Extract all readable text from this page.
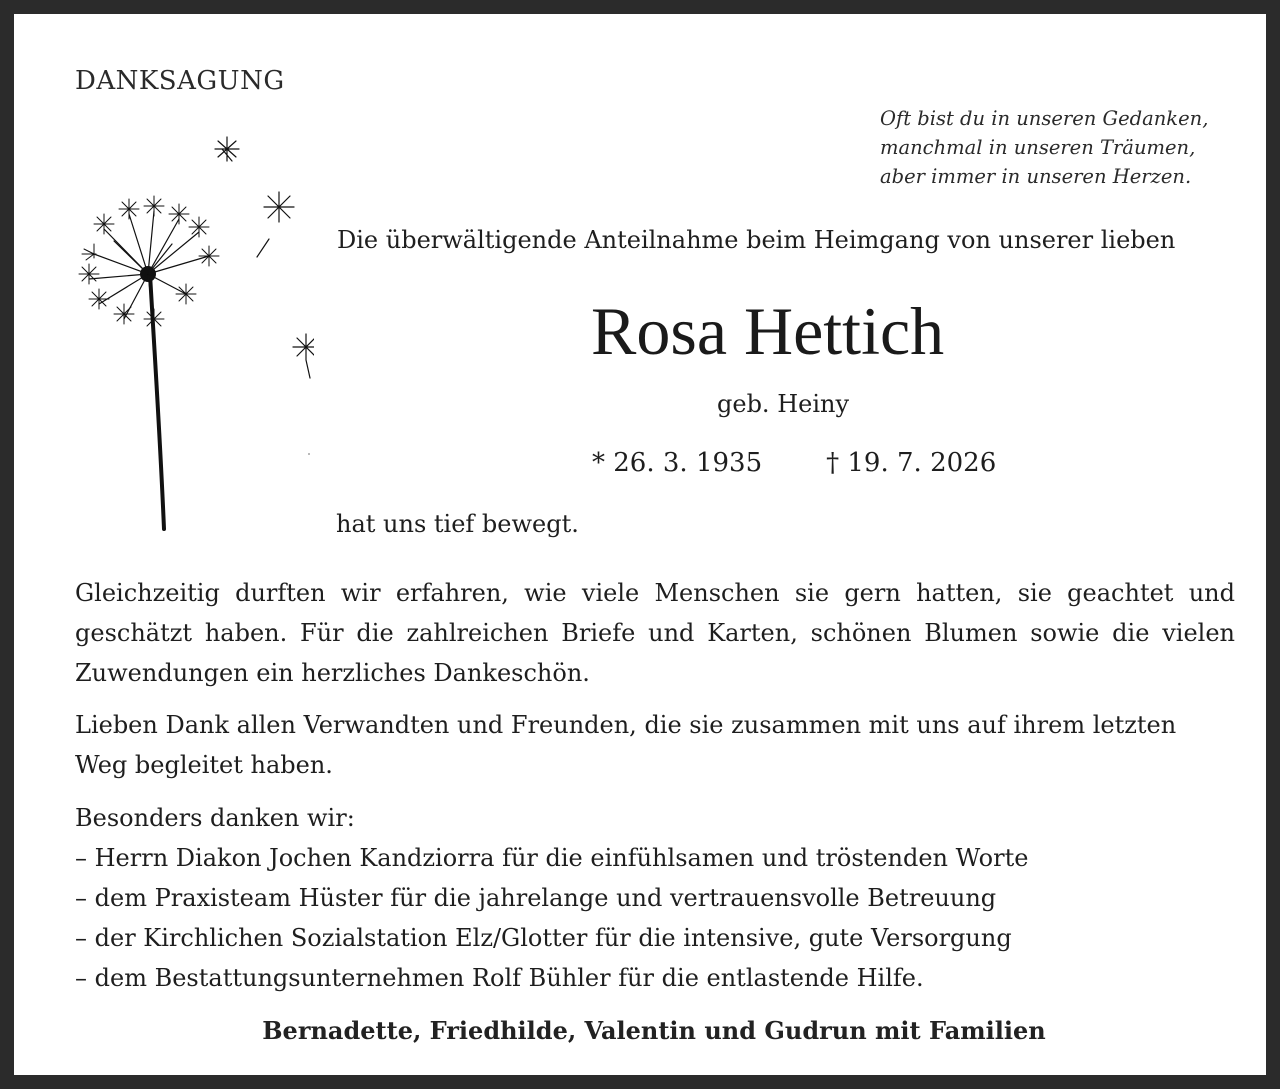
DANKSAGUNG
Oft bist du in unseren Gedanken,
manchmal in unseren Träumen,
aber immer in unseren Herzen.
Die überwältigende Anteilnahme beim Heimgang von unserer lieben
Rosa Hettich
geb. Heiny
* 26. 3. 1935 † 19. 7. 2026
hat uns tief bewegt.
Gleichzeitig durften wir erfahren, wie viele Menschen sie gern hatten, sie geachtet und geschätzt haben. Für die zahlreichen Briefe und Karten, schönen Blumen sowie die vielen Zuwendungen ein herzliches Dankeschön.
Lieben Dank allen Verwandten und Freunden, die sie zusammen mit uns auf ihrem letzten Weg begleitet haben.
Besonders danken wir:
– Herrn Diakon Jochen Kandziorra für die einfühlsamen und tröstenden Worte
– dem Praxisteam Hüster für die jahrelange und vertrauensvolle Betreuung
– der Kirchlichen Sozialstation Elz/Glotter für die intensive, gute Versorgung
– dem Bestattungsunternehmen Rolf Bühler für die entlastende Hilfe.
Bernadette, Friedhilde, Valentin und Gudrun mit Familien
